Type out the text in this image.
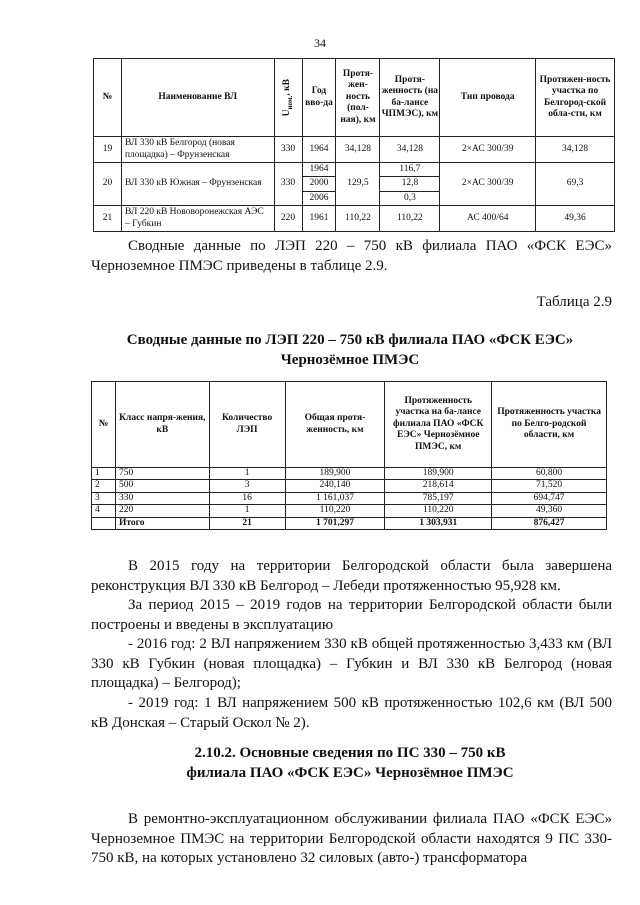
34
№	Наименование ВЛ	$U_{ном.}$, кВ	Год вво-да	Протя-жен-ность (пол-ная), км	Протя-женность (на ба-лансе ЧПМЭС), км	Тип провода	Протяжен-ность участка по Белгород-ской обла-сти, км
19	ВЛ 330 кВ Белгород (новая площадка) – Фрунзенская	330	1964	34,128	34,128	2×АС 300/39	34,128
20	ВЛ 330 кВ Южная – Фрунзенская	330	1964	129,5	116,7	2×АС 300/39	69,3
			2000		12,8		
			2006		0,3		
21	ВЛ 220 кВ Нововоронежская АЭС – Губкин	220	1961	110,22	110,22	АС 400/64	49,36

Сводные данные по ЛЭП 220 – 750 кВ филиала ПАО «ФСК ЕЭС» Черноземное ПМЭС приведены в таблице 2.9.

Таблица 2.9
Сводные данные по ЛЭП 220 – 750 кВ филиала ПАО «ФСК ЕЭС»
Чернозёмное ПМЭС
№	Класс напря-жения, кВ	Количество ЛЭП	Общая протя-женность, км	Протяженность участка на ба-лансе филиала ПАО «ФСК ЕЭС» Чернозёмное ПМЭС, км	Протяженность участка по Белго-родской области, км
1	750	1	189,900	189,900	60,800
2	500	3	240,140	218,614	71,520
3	330	16	1 161,037	785,197	694,747
4	220	1	110,220	110,220	49,360
	Итого	21	1 701,297	1 303,931	876,427

В 2015 году на территории Белгородской области была завершена реконструкция ВЛ 330 кВ Белгород – Лебеди протяженностью 95,928 км.

За период 2015 – 2019 годов на территории Белгородской области были построены и введены в эксплуатацию

- 2016 год: 2 ВЛ напряжением 330 кВ общей протяженностью 3,433 км (ВЛ 330 кВ Губкин (новая площадка) – Губкин и ВЛ 330 кВ Белгород (новая площадка) – Белгород);

- 2019 год: 1 ВЛ напряжением 500 кВ протяженностью 102,6 км (ВЛ 500 кВ Донская – Старый Оскол № 2).

2.10.2. Основные сведения по ПС 330 – 750 кВ
филиала ПАО «ФСК ЕЭС» Чернозёмное ПМЭС

В ремонтно-эксплуатационном обслуживании филиала ПАО «ФСК ЕЭС» Черноземное ПМЭС на территории Белгородской области находятся 9 ПС 330-750 кВ, на которых установлено 32 силовых (авто-) трансформатора
